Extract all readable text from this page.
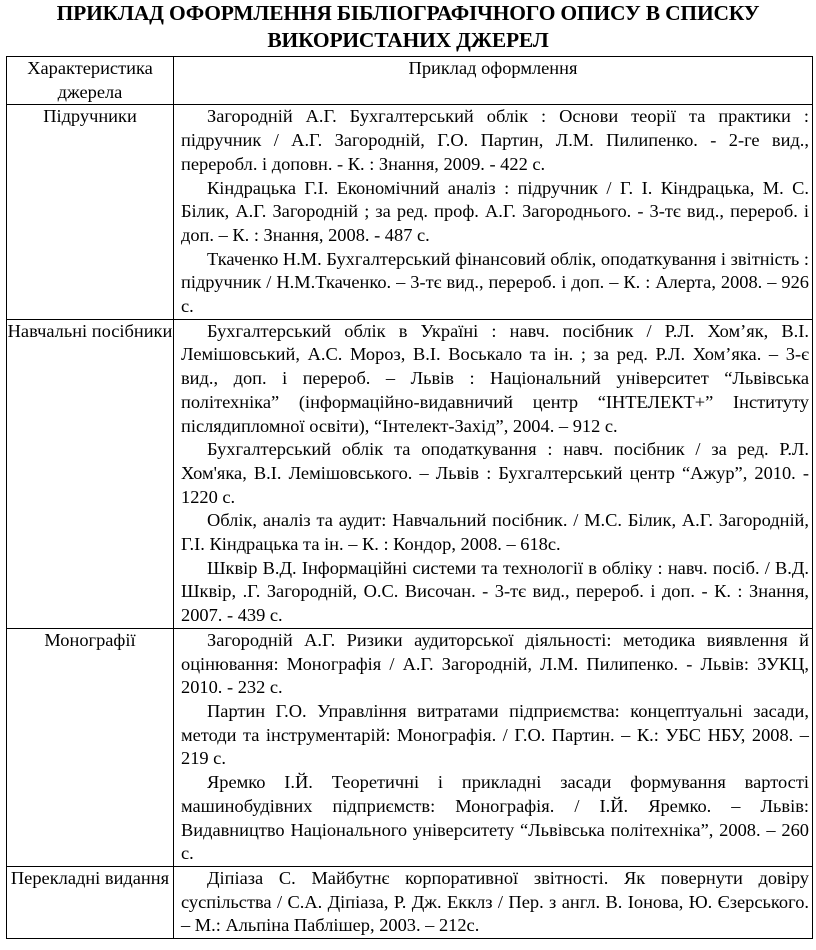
ПРИКЛАД ОФОРМЛЕННЯ БІБЛІОГРАФІЧНОГО ОПИСУ В СПИСКУ
ВИКОРИСТАНИХ ДЖЕРЕЛ
Характеристика джерела	Приклад оформлення
Підручники	Загородній А.Г. Бухгалтерський облік : Основи теорії та практики : підручник / А.Г. Загородній, Г.О. Партин, Л.М. Пилипенко. - 2-ге вид., переробл. і доповн. - К. : Знання, 2009. - 422 с.

Кіндрацька Г.І. Економічний аналіз : підручник / Г. І. Кіндрацька, М. С. Білик, А.Г. Загородній ; за ред. проф. А.Г. Загороднього. - 3-тє вид., перероб. і доп. – К. : Знання, 2008. - 487 с.

Ткаченко Н.М. Бухгалтерський фінансовий облік, оподаткування і звітність : підручник / Н.М.Ткаченко. – 3-тє вид., перероб. і доп. – К. : Алерта, 2008. – 926 с.

Навчальні посібники	Бухгалтерський облік в Україні : навч. посібник / Р.Л. Хом’як, В.І. Лемішовський, А.С. Мороз, В.І. Воськало та ін. ; за ред. Р.Л. Хом’яка. – 3-є вид., доп. і перероб. – Львів : Національний університет “Львівська політехніка” (інформаційно-видавничий центр “ІНТЕЛЕКТ+” Інституту післядипломної освіти), “Інтелект-Захід”, 2004. – 912 с.

Бухгалтерський облік та оподаткування : навч. посібник / за ред. Р.Л. Хом'яка, В.І. Лемішовського. – Львів : Бухгалтерський центр “Ажур”, 2010. - 1220 с.

Облік, аналіз та аудит: Навчальний посібник. / М.С. Білик, А.Г. Загородній, Г.І. Кіндрацька та ін. – К. : Кондор, 2008. – 618с.

Шквір В.Д. Інформаційні системи та технології в обліку : навч. посіб. / В.Д. Шквір, .Г. Загородній, О.С. Височан. - 3-тє вид., перероб. і доп. - К. : Знання, 2007. - 439 с.

Монографії	Загородній А.Г. Ризики аудиторської діяльності: методика виявлення й оцінювання: Монографія / А.Г. Загородній, Л.М. Пилипенко. - Львів: ЗУКЦ, 2010. - 232 с.

Партин Г.О. Управління витратами підприємства: концептуальні засади, методи та інструментарій: Монографія. / Г.О. Партин. – К.: УБС НБУ, 2008. – 219 с.

Яремко І.Й. Теоретичні і прикладні засади формування вартості машинобудівних підприємств: Монографія. / І.Й. Яремко. – Львів: Видавництво Національного університету “Львівська політехніка”, 2008. – 260 с.

Перекладні видання	Діпіаза С. Майбутнє корпоративної звітності. Як повернути довіру суспільства / С.А. Діпіаза, Р. Дж. Екклз / Пер. з англ. В. Іонова, Ю. Єзерського. – М.: Альпіна Паблішер, 2003. – 212с.
